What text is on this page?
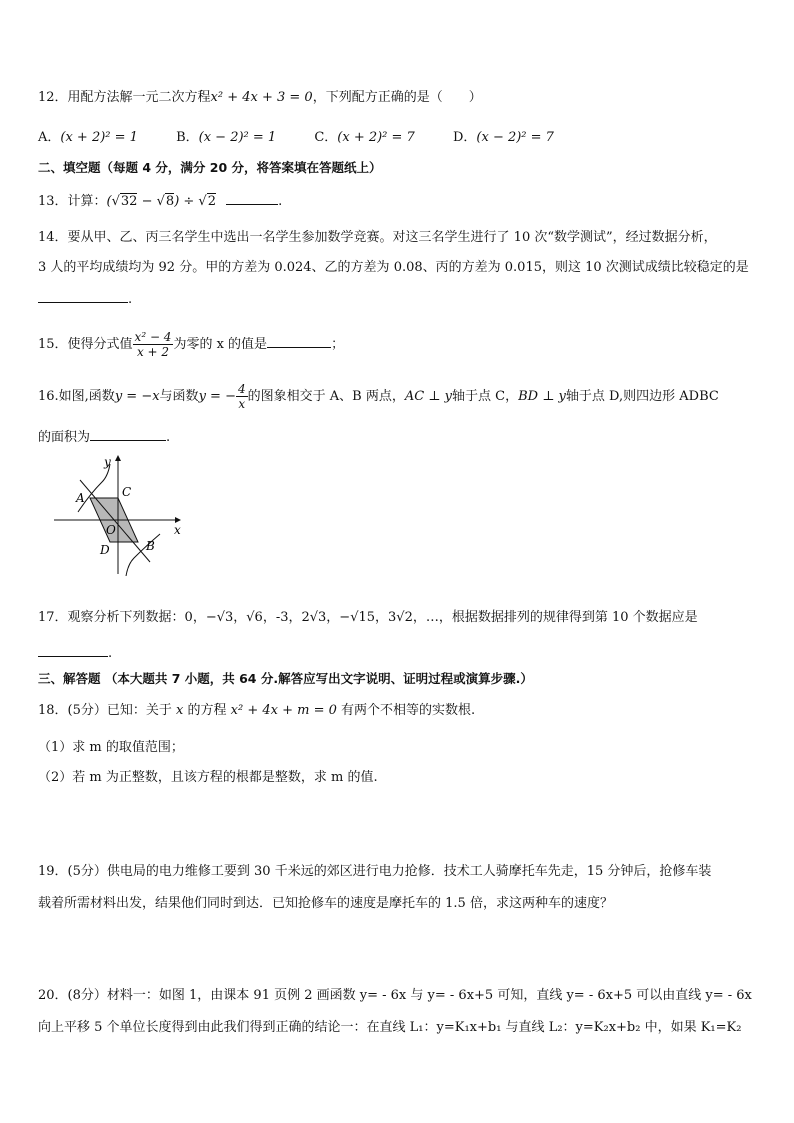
12．用配方法解一元二次方程x² + 4x + 3 = 0，下列配方正确的是（　　）
A．(x + 2)² = 1	B．(x − 2)² = 1	C．(x + 2)² = 7	D．(x − 2)² = 7
二、填空题（每题 4 分，满分 20 分，将答案填在答题纸上）
13．计算：(√32 − √8) ÷ √2	.
14．要从甲、乙、丙三名学生中选出一名学生参加数学竞赛。对这三名学生进行了 10 次“数学测试”，经过数据分析，
3 人的平均成绩均为 92 分。甲的方差为 0.024、乙的方差为 0.08、丙的方差为 0.015，则这 10 次测试成绩比较稳定的是
.
15．使得分式值 $\frac{\text{x² − 4}}{x + 2}$ 为零的 x 的值是	；
16.如图,函数y = −x与函数y = − $\frac{4}{x}$ 的图象相交于 A、B 两点，AC ⊥ y轴于点 C，BD ⊥ y轴于点 D,则四边形 ADBC
的面积为	.
y
x
A	C
O
D	B
17．观察分析下列数据：0，−√3，√6，-3，2√3，−√15，3√2，…，根据数据排列的规律得到第 10 个数据应是
.
三、解答题 （本大题共 7 小题，共 64 分.解答应写出文字说明、证明过程或演算步骤.）
18．(5分）已知：关于 x 的方程 x² + 4x + m = 0 有两个不相等的实数根.
（1）求 m 的取值范围；
（2）若 m 为正整数，且该方程的根都是整数，求 m 的值.
19．(5分）供电局的电力维修工要到 30 千米远的郊区进行电力抢修．技术工人骑摩托车先走，15 分钟后，抢修车装
载着所需材料出发，结果他们同时到达．已知抢修车的速度是摩托车的 1.5 倍，求这两种车的速度？
20．(8分）材料一：如图 1，由课本 91 页例 2 画函数 y= - 6x 与 y= - 6x+5 可知，直线 y= - 6x+5 可以由直线 y= - 6x
向上平移 5 个单位长度得到由此我们得到正确的结论一：在直线 L₁：y=K₁x+b₁ 与直线 L₂：y=K₂x+b₂ 中，如果 K₁=K₂
